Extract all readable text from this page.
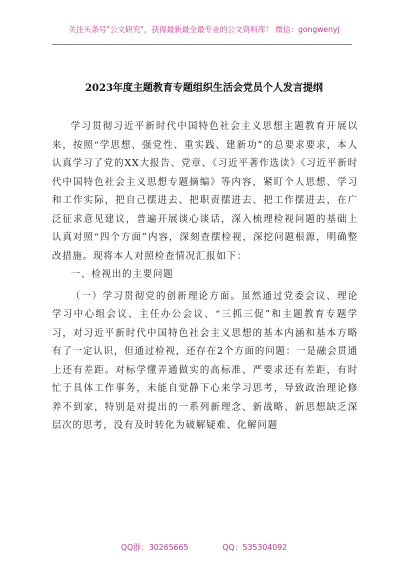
关注头条号"公文研究"，获得最新最全最专业的公文资料库！ 微信：gongwenyj
2023年度主题教育专题组织生活会党员个人发言提纲

学习贯彻习近平新时代中国特色社会主义思想主题教育开展以来，按照“学思想、强党性、重实践、建新功”的总要求要求，本人认真学习了党的XX大报告、党章、《习近平著作选读》《习近平新时代中国特色社会主义思想专题摘编》等内容，紧盯个人思想、学习和工作实际，把自己摆进去、把职责摆进去、把工作摆进去，在广泛征求意见建议，普遍开展谈心谈话，深入梳理检视问题的基础上认真对照“四个方面”内容，深刻查摆检视，深挖问题根源，明确整改措施。现将本人对照检查情况汇报如下：

一、检视出的主要问题

（一）学习贯彻党的创新理论方面。虽然通过党委会议、理论学习中心组会议、主任办公会议、“三抓三促”和主题教育专题学习，对习近平新时代中国特色社会主义思想的基本内涵和基本方略有了一定认识，但通过检视，还存在2个方面的问题：一是融会贯通上还有差距。对标学懂弄通做实的高标准、严要求还有差距，有时忙于具体工作事务，未能自觉静下心来学习思考，导致政治理论修养不到家，特别是对提出的一系列新理念、新战略、新思想缺乏深层次的思考，没有及时转化为破解疑难、化解问题

QQ群：30265665	QQ：535304092
